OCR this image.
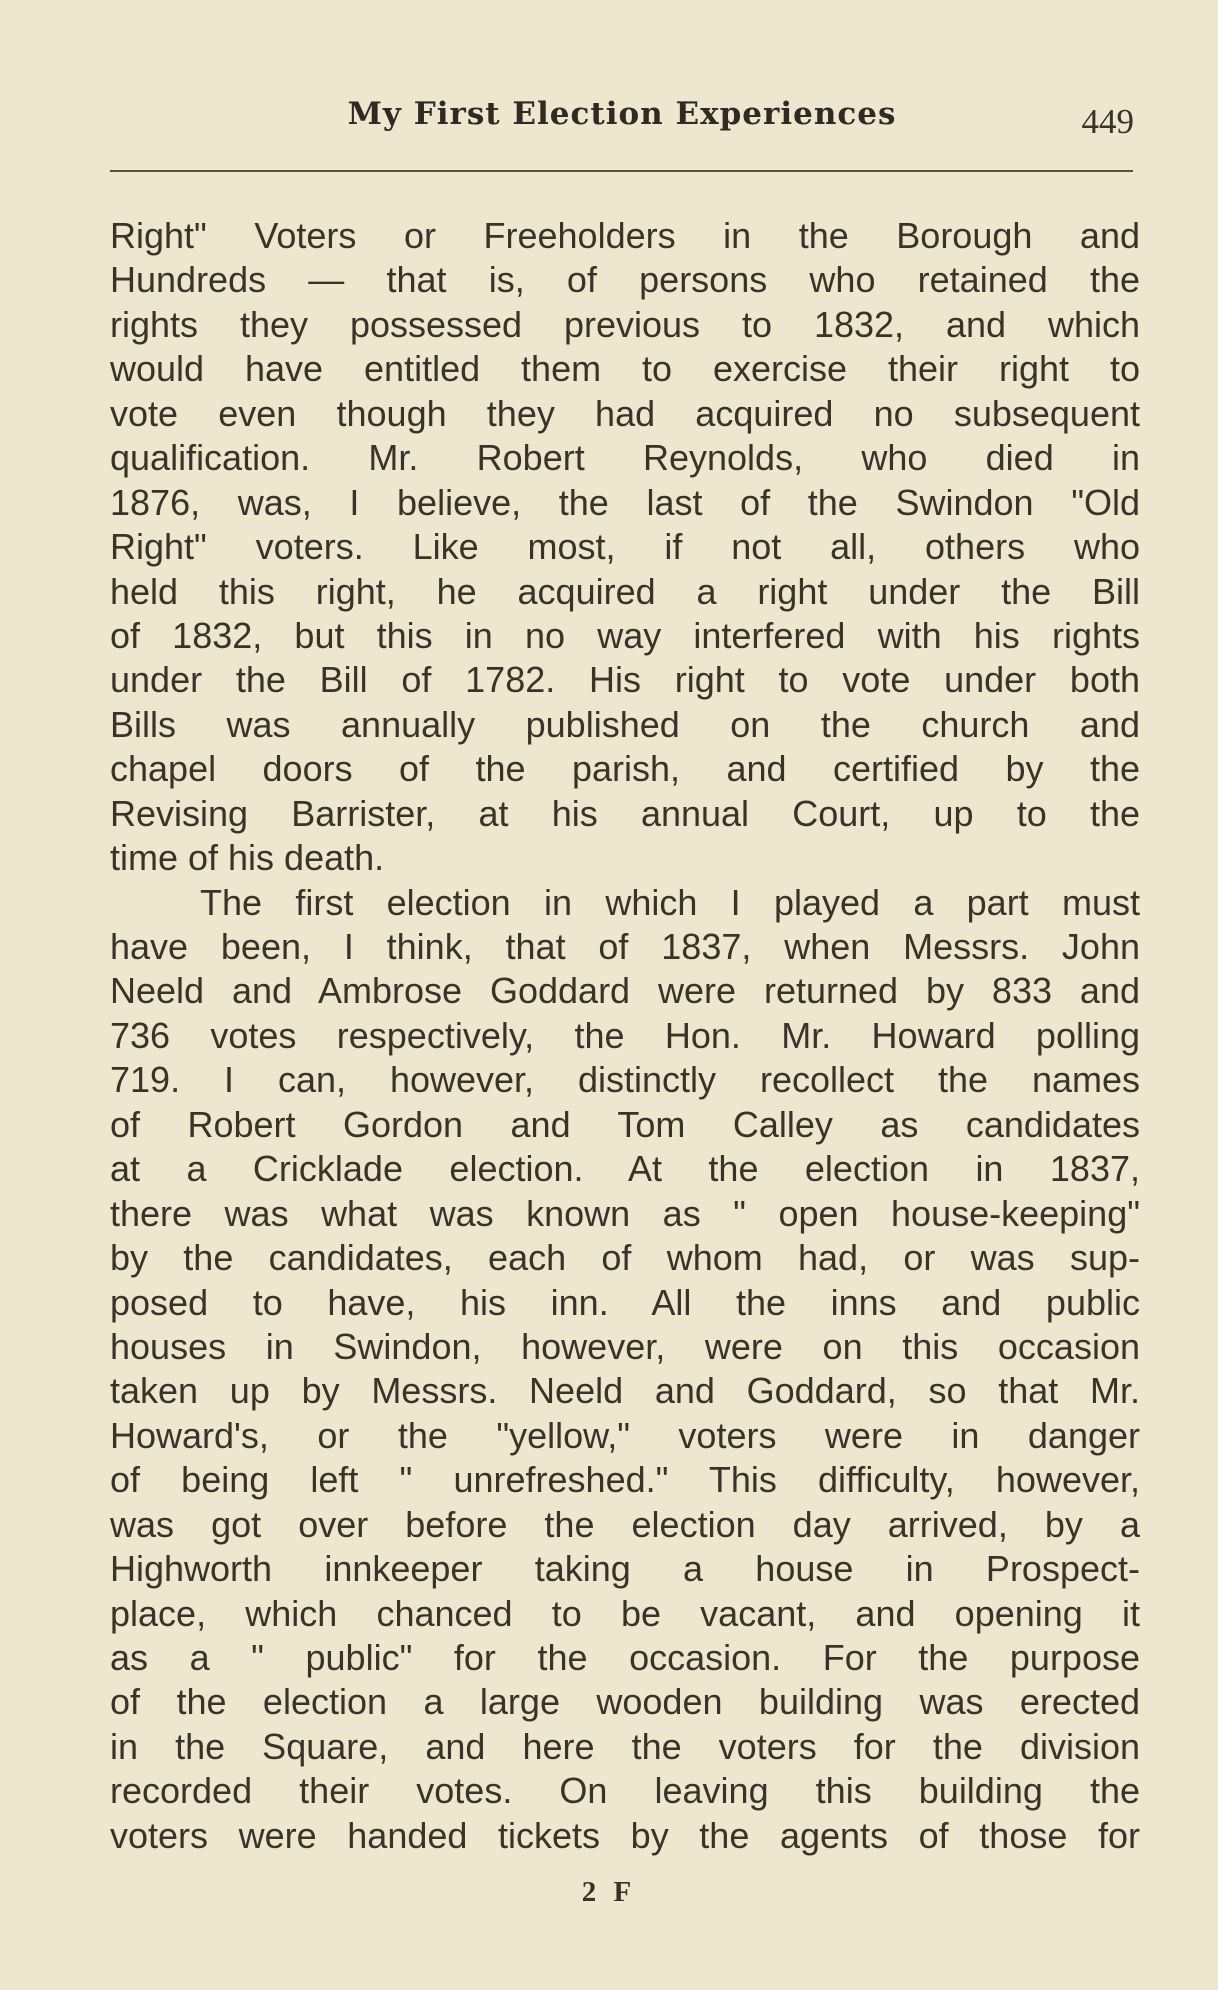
My First Election Experiences	449
Right" Voters or Freeholders in the Borough and
Hundreds — that is, of persons who retained the
rights they possessed previous to 1832, and which
would have entitled them to exercise their right to
vote even though they had acquired no subsequent
qualification. Mr. Robert Reynolds, who died in
1876, was, I believe, the last of the Swindon "Old
Right" voters. Like most, if not all, others who
held this right, he acquired a right under the Bill
of 1832, but this in no way interfered with his rights
under the Bill of 1782. His right to vote under both
Bills was annually published on the church and
chapel doors of the parish, and certified by the
Revising Barrister, at his annual Court, up to the
time of his death.
The first election in which I played a part must
have been, I think, that of 1837, when Messrs. John
Neeld and Ambrose Goddard were returned by 833 and
736 votes respectively, the Hon. Mr. Howard polling
719. I can, however, distinctly recollect the names
of Robert Gordon and Tom Calley as candidates
at a Cricklade election. At the election in 1837,
there was what was known as " open house-keeping"
by the candidates, each of whom had, or was sup-
posed to have, his inn. All the inns and public
houses in Swindon, however, were on this occasion
taken up by Messrs. Neeld and Goddard, so that Mr.
Howard's, or the "yellow," voters were in danger
of being left " unrefreshed." This difficulty, however,
was got over before the election day arrived, by a
Highworth innkeeper taking a house in Prospect-
place, which chanced to be vacant, and opening it
as a " public" for the occasion. For the purpose
of the election a large wooden building was erected
in the Square, and here the voters for the division
recorded their votes. On leaving this building the
voters were handed tickets by the agents of those for
2 F
